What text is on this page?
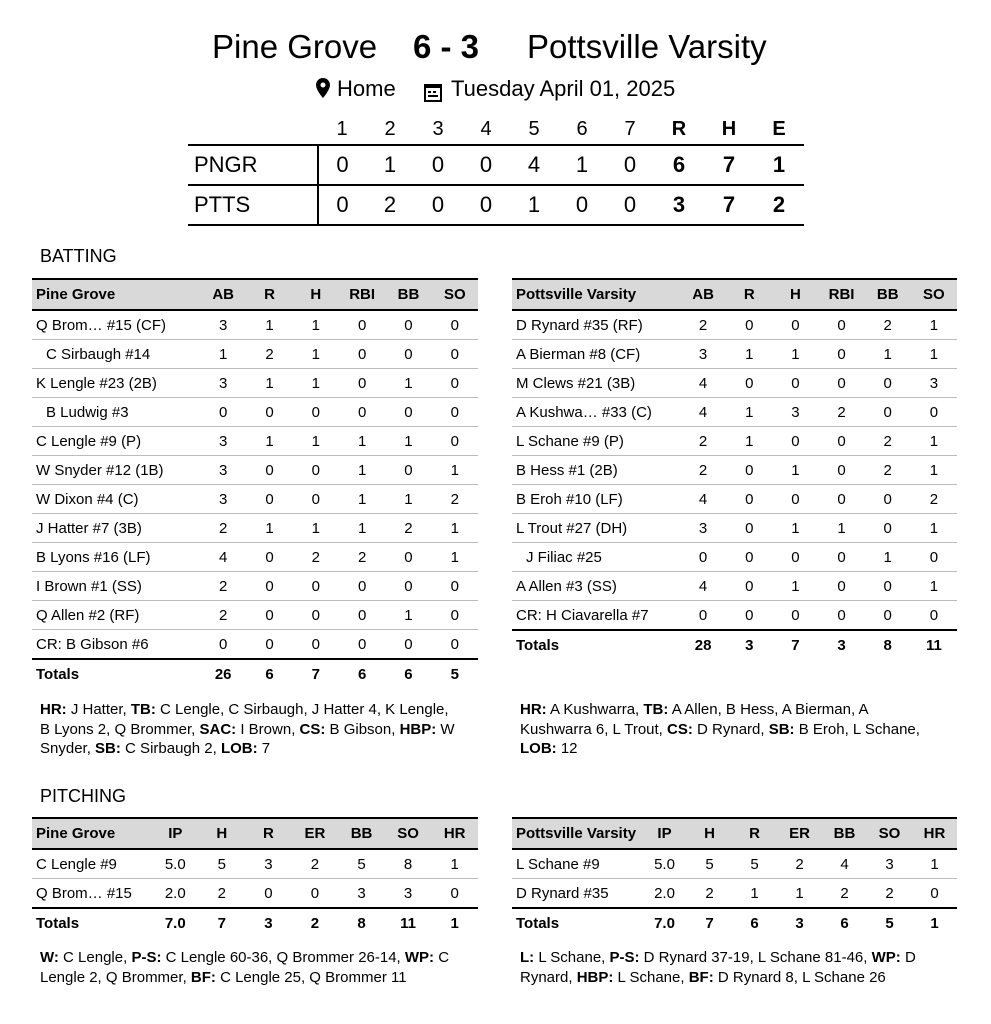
Pine Grove 6 - 3 Pottsville Varsity
Home	Tuesday April 01, 2025
	1	2	3	4	5	6	7	R	H	E
PNGR	0	1	0	0	4	1	0	6	7	1
PTTS	0	2	0	0	1	0	0	3	7	2
BATTING
Pine Grove	AB	R	H	RBI	BB	SO
Q Brom… #15 (CF)	3	1	1	0	0	0
C Sirbaugh #14	1	2	1	0	0	0
K Lengle #23 (2B)	3	1	1	0	1	0
B Ludwig #3	0	0	0	0	0	0
C Lengle #9 (P)	3	1	1	1	1	0
W Snyder #12 (1B)	3	0	0	1	0	1
W Dixon #4 (C)	3	0	0	1	1	2
J Hatter #7 (3B)	2	1	1	1	2	1
B Lyons #16 (LF)	4	0	2	2	0	1
I Brown #1 (SS)	2	0	0	0	0	0
Q Allen #2 (RF)	2	0	0	0	1	0
CR: B Gibson #6	0	0	0	0	0	0
Totals	26	6	7	6	6	5
Pottsville Varsity	AB	R	H	RBI	BB	SO
D Rynard #35 (RF)	2	0	0	0	2	1
A Bierman #8 (CF)	3	1	1	0	1	1
M Clews #21 (3B)	4	0	0	0	0	3
A Kushwa… #33 (C)	4	1	3	2	0	0
L Schane #9 (P)	2	1	0	0	2	1
B Hess #1 (2B)	2	0	1	0	2	1
B Eroh #10 (LF)	4	0	0	0	0	2
L Trout #27 (DH)	3	0	1	1	0	1
J Filiac #25	0	0	0	0	1	0
A Allen #3 (SS)	4	0	1	0	0	1
CR: H Ciavarella #7	0	0	0	0	0	0
Totals	28	3	7	3	8	11
HR: J Hatter, TB: C Lengle, C Sirbaugh, J Hatter 4, K Lengle, B Lyons 2, Q Brommer, SAC: I Brown, CS: B Gibson, HBP: W Snyder, SB: C Sirbaugh 2, LOB: 7
HR: A Kushwarra, TB: A Allen, B Hess, A Bierman, A Kushwarra 6, L Trout, CS: D Rynard, SB: B Eroh, L Schane, LOB: 12
PITCHING
Pine Grove	IP	H	R	ER	BB	SO	HR
C Lengle #9	5.0	5	3	2	5	8	1
Q Brom… #15	2.0	2	0	0	3	3	0
Totals	7.0	7	3	2	8	11	1
Pottsville Varsity	IP	H	R	ER	BB	SO	HR
L Schane #9	5.0	5	5	2	4	3	1
D Rynard #35	2.0	2	1	1	2	2	0
Totals	7.0	7	6	3	6	5	1
W: C Lengle, P-S: C Lengle 60-36, Q Brommer 26-14, WP: C Lengle 2, Q Brommer, BF: C Lengle 25, Q Brommer 11
L: L Schane, P-S: D Rynard 37-19, L Schane 81-46, WP: D Rynard, HBP: L Schane, BF: D Rynard 8, L Schane 26
